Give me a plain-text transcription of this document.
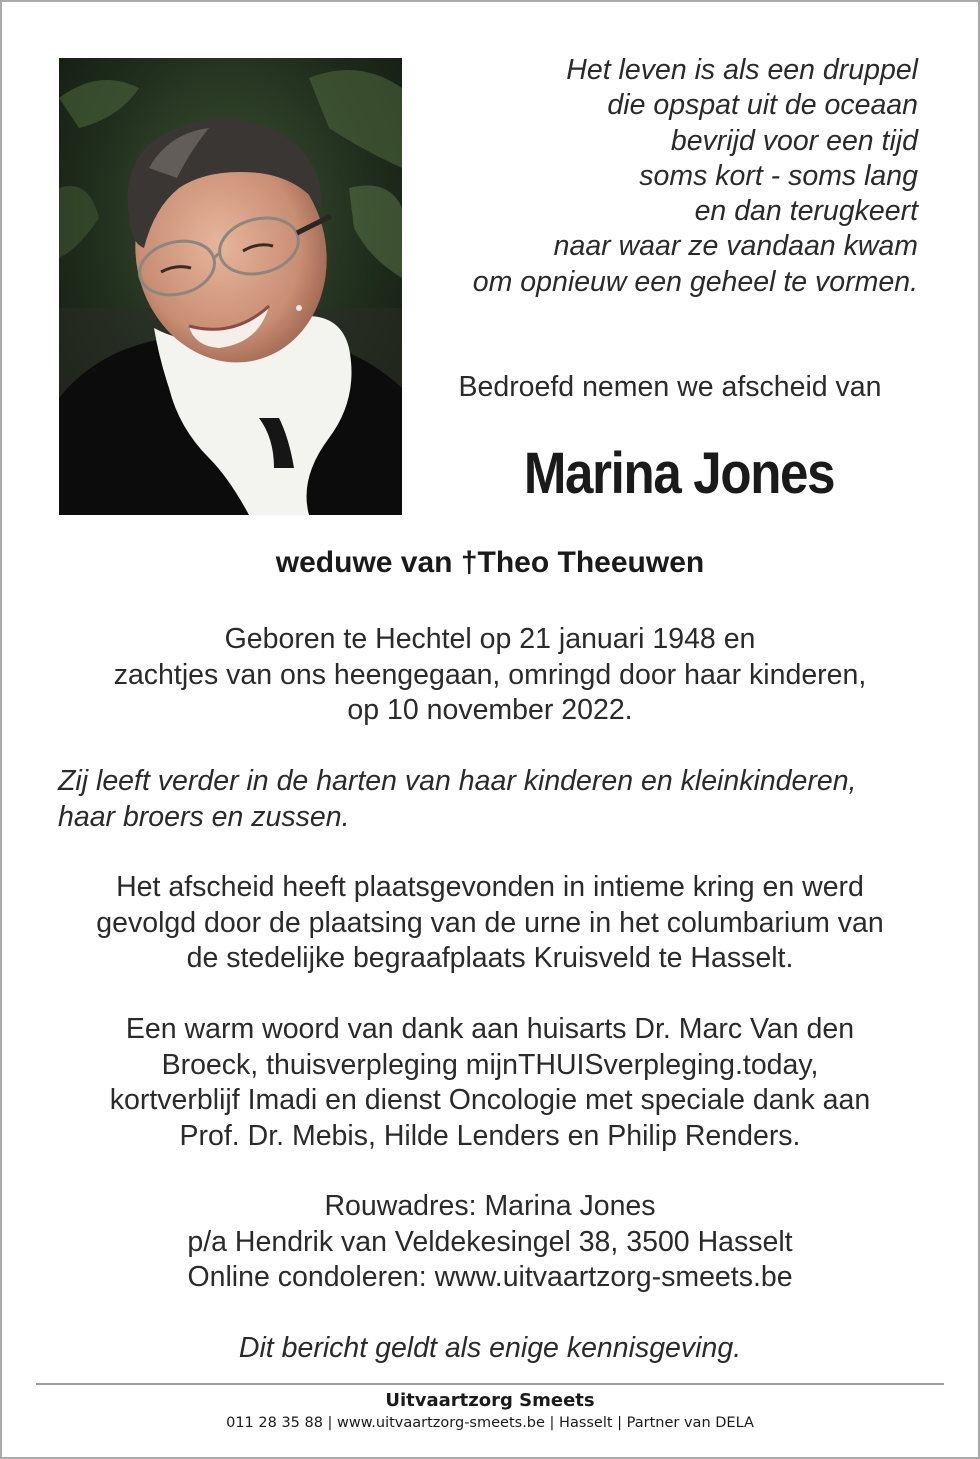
Het leven is als een druppel
die opspat uit de oceaan
bevrijd voor een tijd
soms kort - soms lang
en dan terugkeert
naar waar ze vandaan kwam
om opnieuw een geheel te vormen.
Bedroefd nemen we afscheid van
Marina Jones
weduwe van †Theo Theeuwen
Geboren te Hechtel op 21 januari 1948 en
zachtjes van ons heengegaan, omringd door haar kinderen,
op 10 november 2022.
Zij leeft verder in de harten van haar kinderen en kleinkinderen,
haar broers en zussen.
Het afscheid heeft plaatsgevonden in intieme kring en werd
gevolgd door de plaatsing van de urne in het columbarium van
de stedelijke begraafplaats Kruisveld te Hasselt.
Een warm woord van dank aan huisarts Dr. Marc Van den
Broeck, thuisverpleging mijnTHUISverpleging.today,
kortverblijf Imadi en dienst Oncologie met speciale dank aan
Prof. Dr. Mebis, Hilde Lenders en Philip Renders.
Rouwadres: Marina Jones
p/a Hendrik van Veldekesingel 38, 3500 Hasselt
Online condoleren: www.uitvaartzorg-smeets.be
Dit bericht geldt als enige kennisgeving.
Uitvaartzorg Smeets
011 28 35 88 | www.uitvaartzorg-smeets.be | Hasselt | Partner van DELA
